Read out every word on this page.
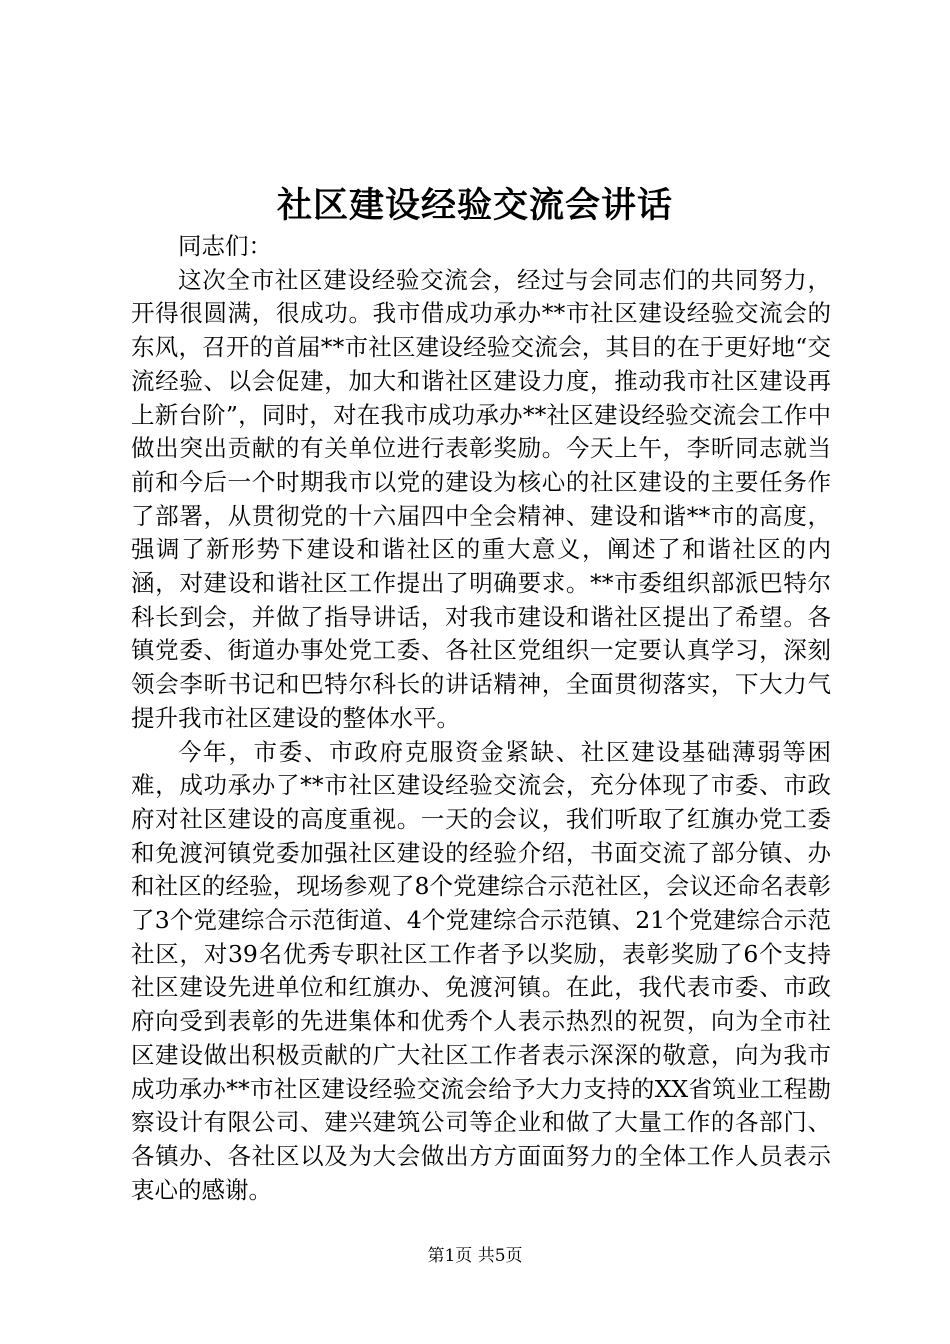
社区建设经验交流会讲话

同志们：

这次全市社区建设经验交流会，经过与会同志们的共同努力，开得很圆满，很成功。我市借成功承办**市社区建设经验交流会的东风，召开的首届**市社区建设经验交流会，其目的在于更好地“交流经验、以会促建，加大和谐社区建设力度，推动我市社区建设再上新台阶”，同时，对在我市成功承办**社区建设经验交流会工作中做出突出贡献的有关单位进行表彰奖励。今天上午，李昕同志就当前和今后一个时期我市以党的建设为核心的社区建设的主要任务作了部署，从贯彻党的十六届四中全会精神、建设和谐**市的高度，强调了新形势下建设和谐社区的重大意义，阐述了和谐社区的内涵，对建设和谐社区工作提出了明确要求。**市委组织部派巴特尔科长到会，并做了指导讲话，对我市建设和谐社区提出了希望。各镇党委、街道办事处党工委、各社区党组织一定要认真学习，深刻领会李昕书记和巴特尔科长的讲话精神，全面贯彻落实，下大力气提升我市社区建设的整体水平。

今年，市委、市政府克服资金紧缺、社区建设基础薄弱等困难，成功承办了**市社区建设经验交流会，充分体现了市委、市政府对社区建设的高度重视。一天的会议，我们听取了红旗办党工委和免渡河镇党委加强社区建设的经验介绍，书面交流了部分镇、办和社区的经验，现场参观了8个党建综合示范社区，会议还命名表彰了3个党建综合示范街道、4个党建综合示范镇、21个党建综合示范社区，对39名优秀专职社区工作者予以奖励，表彰奖励了6个支持社区建设先进单位和红旗办、免渡河镇。在此，我代表市委、市政府向受到表彰的先进集体和优秀个人表示热烈的祝贺，向为全市社区建设做出积极贡献的广大社区工作者表示深深的敬意，向为我市成功承办**市社区建设经验交流会给予大力支持的XX省筑业工程勘察设计有限公司、建兴建筑公司等企业和做了大量工作的各部门、各镇办、各社区以及为大会做出方方面面努力的全体工作人员表示衷心的感谢。

第1页 共5页
